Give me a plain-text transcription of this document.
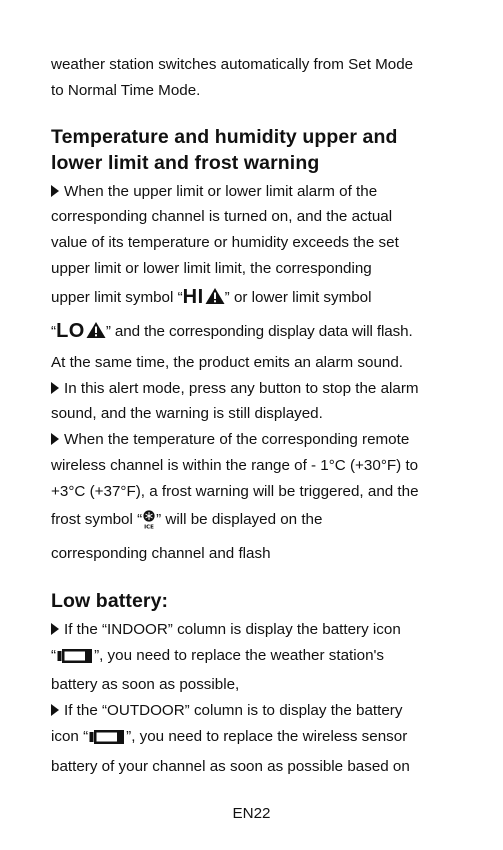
weather station switches automatically from Set Mode

to Normal Time Mode.

Temperature and humidity upper and
lower limit and frost warning

When the upper limit or lower limit alarm of the

corresponding channel is turned on, and the actual

value of its temperature or humidity exceeds the set

upper limit or lower limit limit, the corresponding

upper limit symbol “HI ” or lower limit symbol

“LO ” and the corresponding display data will flash.

At the same time, the product emits an alarm sound.

In this alert mode, press any button to stop the alarm

sound, and the warning is still displayed.

When the temperature of the corresponding remote

wireless channel is within the range of - 1°C (+30°F) to

+3°C (+37°F), a frost warning will be triggered, and the

frost symbol “ ICE ” will be displayed on the

corresponding channel and flash

Low battery:

If the “INDOOR” column is display the battery icon

“	”, you need to replace the weather station's

battery as soon as possible,

If the “OUTDOOR” column is to display the battery

icon “	”, you need to replace the wireless sensor

battery of your channel as soon as possible based on

EN22
